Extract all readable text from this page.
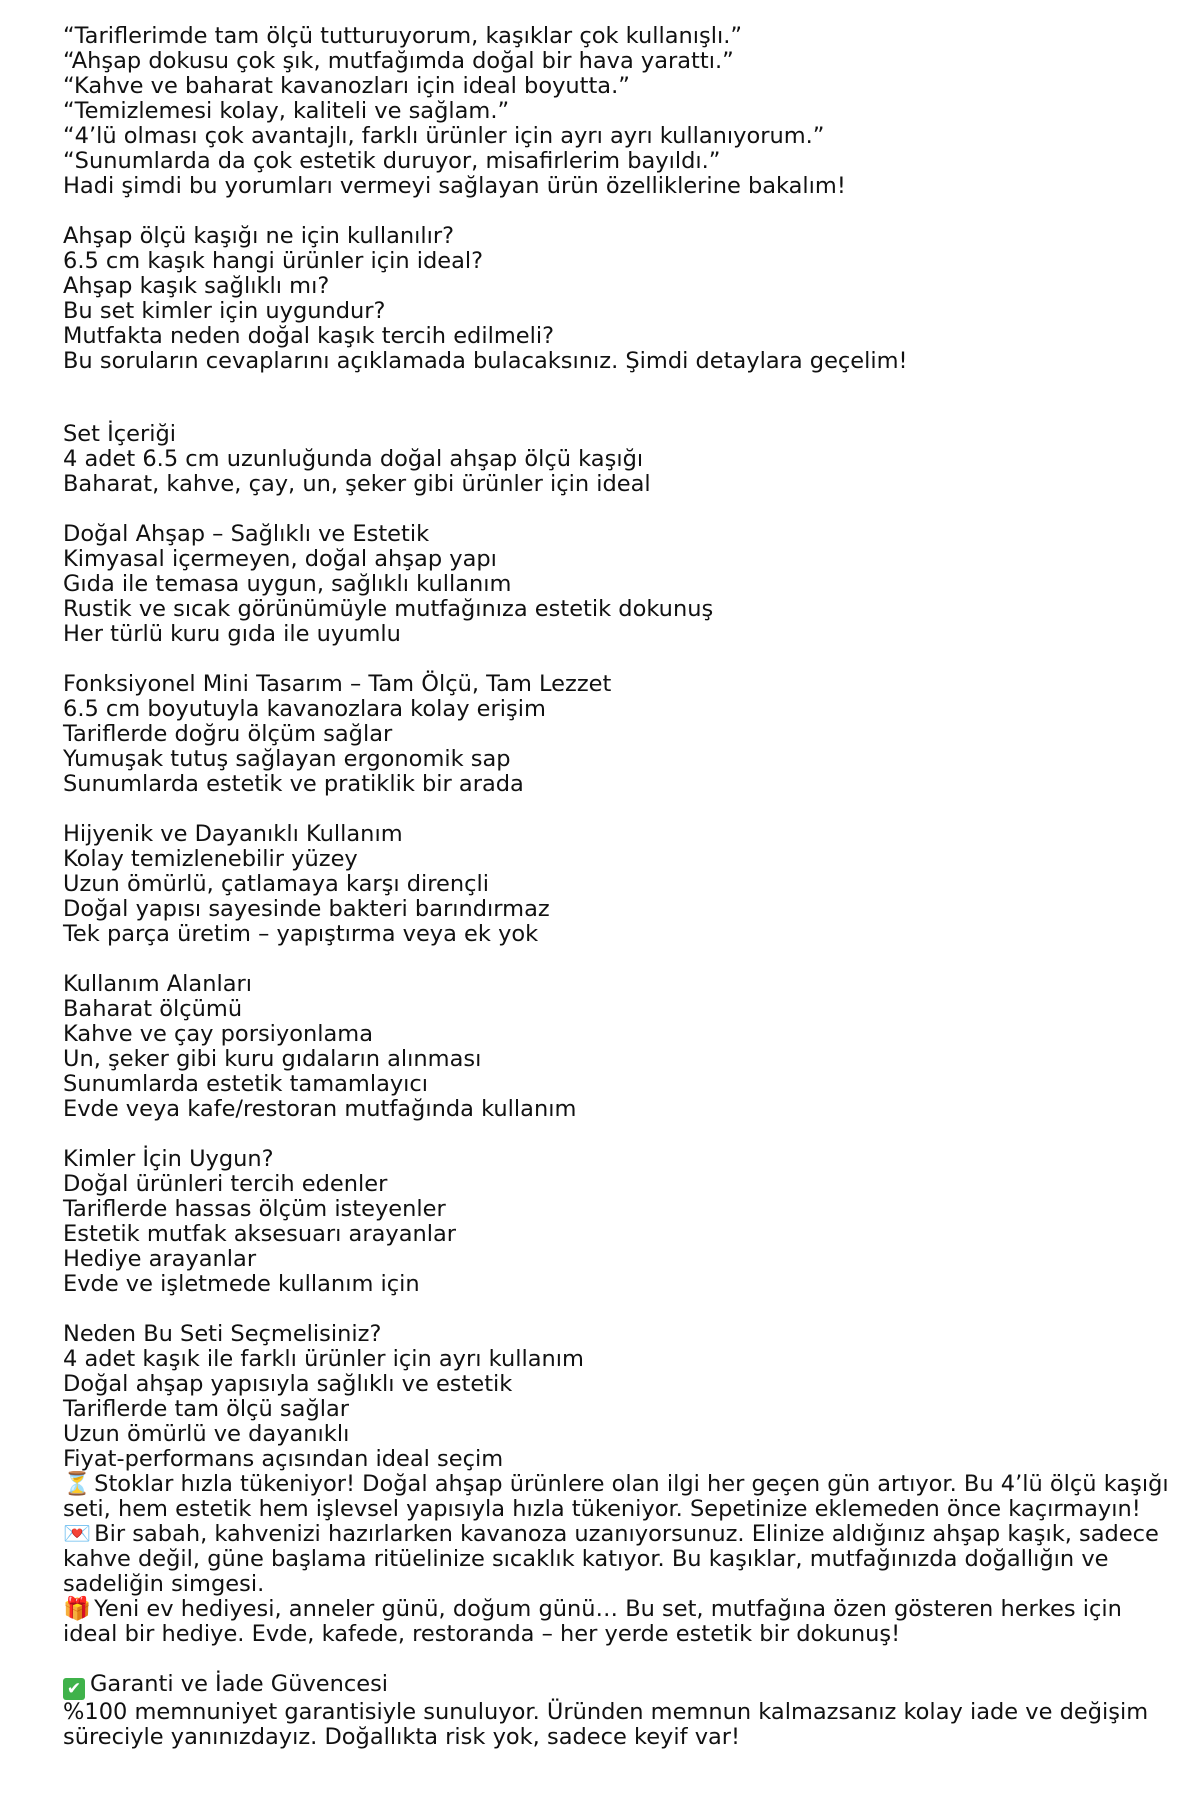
“Tariflerimde tam ölçü tutturuyorum, kaşıklar çok kullanışlı.”
“Ahşap dokusu çok şık, mutfağımda doğal bir hava yarattı.”
“Kahve ve baharat kavanozları için ideal boyutta.”
“Temizlemesi kolay, kaliteli ve sağlam.”
“4’lü olması çok avantajlı, farklı ürünler için ayrı ayrı kullanıyorum.”
“Sunumlarda da çok estetik duruyor, misafirlerim bayıldı.”
Hadi şimdi bu yorumları vermeyi sağlayan ürün özelliklerine bakalım!
Ahşap ölçü kaşığı ne için kullanılır?
6.5 cm kaşık hangi ürünler için ideal?
Ahşap kaşık sağlıklı mı?
Bu set kimler için uygundur?
Mutfakta neden doğal kaşık tercih edilmeli?
Bu soruların cevaplarını açıklamada bulacaksınız. Şimdi detaylara geçelim!
Set İçeriği
4 adet 6.5 cm uzunluğunda doğal ahşap ölçü kaşığı
Baharat, kahve, çay, un, şeker gibi ürünler için ideal
Doğal Ahşap – Sağlıklı ve Estetik
Kimyasal içermeyen, doğal ahşap yapı
Gıda ile temasa uygun, sağlıklı kullanım
Rustik ve sıcak görünümüyle mutfağınıza estetik dokunuş
Her türlü kuru gıda ile uyumlu
Fonksiyonel Mini Tasarım – Tam Ölçü, Tam Lezzet
6.5 cm boyutuyla kavanozlara kolay erişim
Tariflerde doğru ölçüm sağlar
Yumuşak tutuş sağlayan ergonomik sap
Sunumlarda estetik ve pratiklik bir arada
Hijyenik ve Dayanıklı Kullanım
Kolay temizlenebilir yüzey
Uzun ömürlü, çatlamaya karşı dirençli
Doğal yapısı sayesinde bakteri barındırmaz
Tek parça üretim – yapıştırma veya ek yok
Kullanım Alanları
Baharat ölçümü
Kahve ve çay porsiyonlama
Un, şeker gibi kuru gıdaların alınması
Sunumlarda estetik tamamlayıcı
Evde veya kafe/restoran mutfağında kullanım
Kimler İçin Uygun?
Doğal ürünleri tercih edenler
Tariflerde hassas ölçüm isteyenler
Estetik mutfak aksesuarı arayanlar
Hediye arayanlar
Evde ve işletmede kullanım için
Neden Bu Seti Seçmelisiniz?
4 adet kaşık ile farklı ürünler için ayrı kullanım
Doğal ahşap yapısıyla sağlıklı ve estetik
Tariflerde tam ölçü sağlar
Uzun ömürlü ve dayanıklı
Fiyat-performans açısından ideal seçim
⏳ Stoklar hızla tükeniyor! Doğal ahşap ürünlere olan ilgi her geçen gün artıyor. Bu 4’lü ölçü kaşığı seti, hem estetik hem işlevsel yapısıyla hızla tükeniyor. Sepetinize eklemeden önce kaçırmayın!
💌 Bir sabah, kahvenizi hazırlarken kavanoza uzanıyorsunuz. Elinize aldığınız ahşap kaşık, sadece kahve değil, güne başlama ritüelinize sıcaklık katıyor. Bu kaşıklar, mutfağınızda doğallığın ve sadeliğin simgesi.
🎁 Yeni ev hediyesi, anneler günü, doğum günü… Bu set, mutfağına özen gösteren herkes için ideal bir hediye. Evde, kafede, restoranda – her yerde estetik bir dokunuş!
✔ Garanti ve İade Güvencesi
%100 memnuniyet garantisiyle sunuluyor. Üründen memnun kalmazsanız kolay iade ve değişim süreciyle yanınızdayız. Doğallıkta risk yok, sadece keyif var!
